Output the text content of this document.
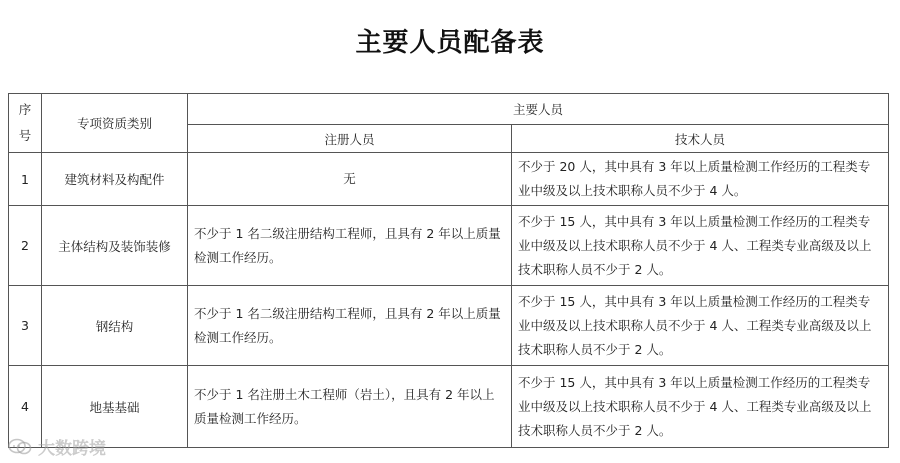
主要人员配备表
序号	专项资质类别	主要人员	
		注册人员	技术人员
1	建筑材料及构配件	无	不少于 20 人，其中具有 3 年以上质量检测工作经历的工程类专业中级及以上技术职称人员不少于 4 人。
2	主体结构及装饰装修	不少于 1 名二级注册结构工程师，且具有 2 年以上质量检测工作经历。	不少于 15 人，其中具有 3 年以上质量检测工作经历的工程类专业中级及以上技术职称人员不少于 4 人、工程类专业高级及以上技术职称人员不少于 2 人。
3	钢结构	不少于 1 名二级注册结构工程师，且具有 2 年以上质量检测工作经历。	不少于 15 人，其中具有 3 年以上质量检测工作经历的工程类专业中级及以上技术职称人员不少于 4 人、工程类专业高级及以上技术职称人员不少于 2 人。
4	地基基础	不少于 1 名注册土木工程师（岩土），且具有 2 年以上质量检测工作经历。	不少于 15 人，其中具有 3 年以上质量检测工作经历的工程类专业中级及以上技术职称人员不少于 4 人、工程类专业高级及以上技术职称人员不少于 2 人。
大数跨境
